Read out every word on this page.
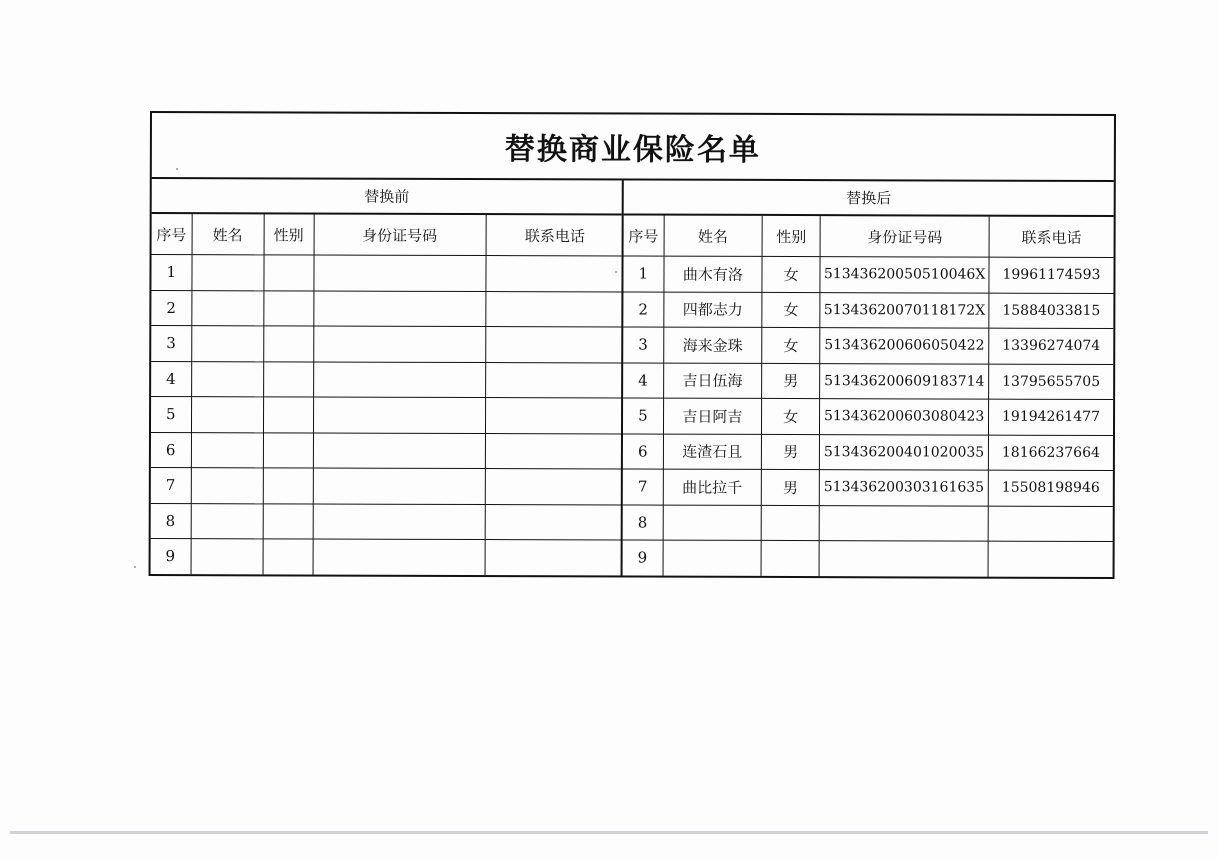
替换商业保险名单
替换前
序号	姓名	性别	身份证号码	联系电话
1				
2				
3				
4				
5				
6				
7				
8				
9				
替换后
序号	姓名	性别	身份证号码	联系电话
1	曲木有洛	女	51343620050510046X	19961174593
2	四都志力	女	51343620070118172X	15884033815
3	海来金珠	女	513436200606050422	13396274074
4	吉日伍海	男	513436200609183714	13795655705
5	吉日阿吉	女	513436200603080423	19194261477
6	连渣石且	男	513436200401020035	18166237664
7	曲比拉千	男	513436200303161635	15508198946
8				
9				
